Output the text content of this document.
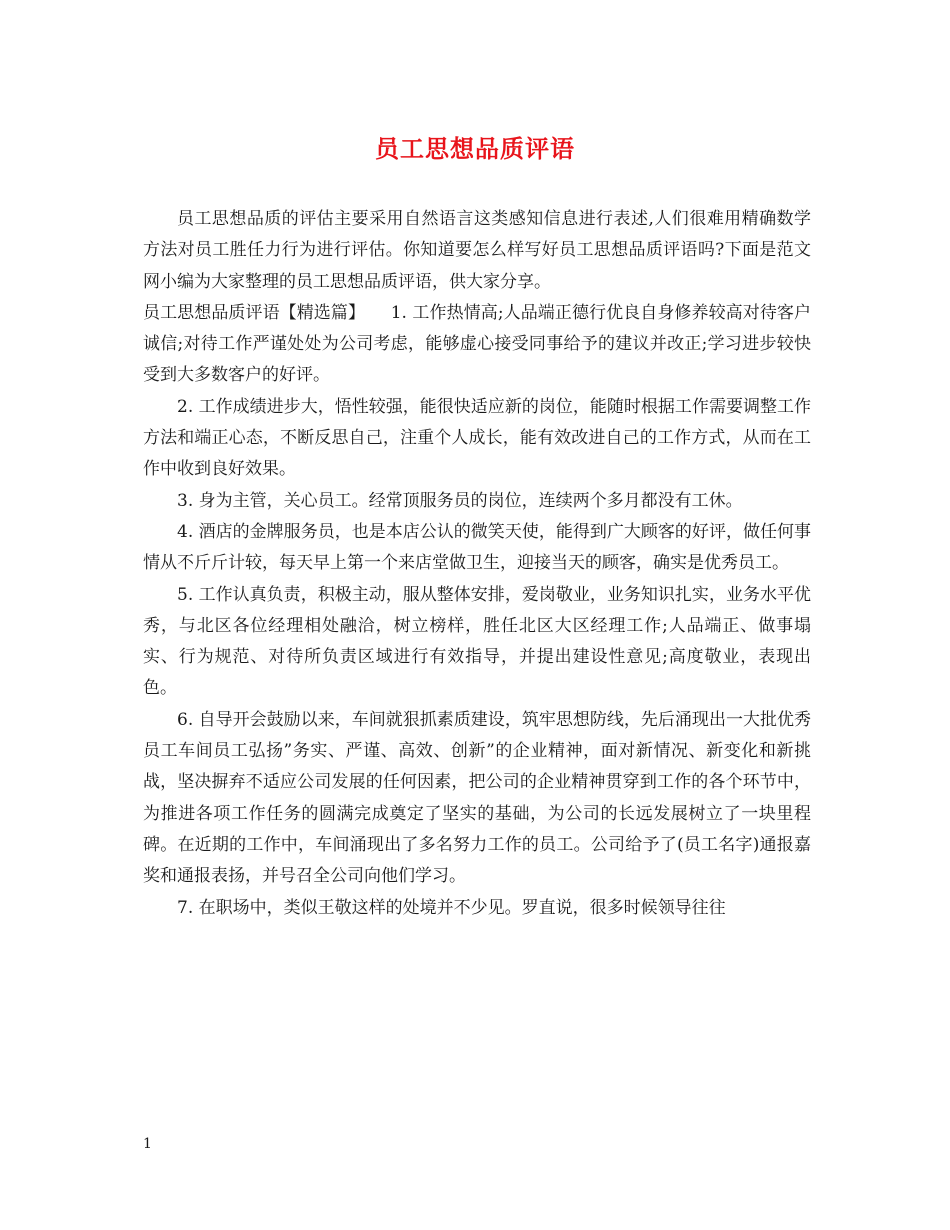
员工思想品质评语

员工思想品质的评估主要采用自然语言这类感知信息进行表述,人们很难用精确数学方法对员工胜任力行为进行评估。你知道要怎么样写好员工思想品质评语吗?下面是范文网小编为大家整理的员工思想品质评语，供大家分享。

员工思想品质评语【精选篇】　　1. 工作热情高;人品端正德行优良自身修养较高对待客户诚信;对待工作严谨处处为公司考虑，能够虚心接受同事给予的建议并改正;学习进步较快受到大多数客户的好评。

2. 工作成绩进步大，悟性较强，能很快适应新的岗位，能随时根据工作需要调整工作方法和端正心态，不断反思自己，注重个人成长，能有效改进自己的工作方式，从而在工作中收到良好效果。

3. 身为主管，关心员工。经常顶服务员的岗位，连续两个多月都没有工休。

4. 酒店的金牌服务员，也是本店公认的微笑天使，能得到广大顾客的好评，做任何事情从不斤斤计较，每天早上第一个来店堂做卫生，迎接当天的顾客，确实是优秀员工。

5. 工作认真负责，积极主动，服从整体安排，爱岗敬业，业务知识扎实，业务水平优秀，与北区各位经理相处融洽，树立榜样，胜任北区大区经理工作;人品端正、做事塌实、行为规范、对待所负责区域进行有效指导，并提出建设性意见;高度敬业，表现出色。

6. 自导开会鼓励以来，车间就狠抓素质建设，筑牢思想防线，先后涌现出一大批优秀员工车间员工弘扬”务实、严谨、高效、创新”的企业精神，面对新情况、新变化和新挑战，坚决摒弃不适应公司发展的任何因素，把公司的企业精神贯穿到工作的各个环节中，为推进各项工作任务的圆满完成奠定了坚实的基础，为公司的长远发展树立了一块里程碑。在近期的工作中，车间涌现出了多名努力工作的员工。公司给予了(员工名字)通报嘉奖和通报表扬，并号召全公司向他们学习。

7. 在职场中，类似王敬这样的处境并不少见。罗直说，很多时候领导往往

1
